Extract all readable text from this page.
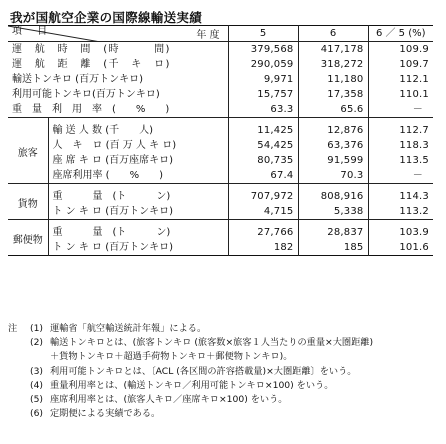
我が国航空企業の国際線輸送実績
年 度
項 目		5	6	6 ／ 5 (%)
運　航　時　間　(時　　　間)		379,568	417,178	109.9
運　航　距　離　(千　キ　ロ)		290,059	318,272	109.7
輸送トンキロ (百万トンキロ)		9,971	11,180	112.1
利用可能トンキロ(百万トンキロ)		15,757	17,358	110.1
重　量　利　用　率　(　　%　　)		63.3	65.6	－

旅客	輸 送 人 数 (千　　人)	11,425	12,876	112.7
	人　キ　ロ (百 万 人 キ ロ)	54,425	63,376	118.3
	座 席 キ ロ (百万座席キロ)	80,735	91,599	113.5
	座席利用率 (　　%　　)	67.4	70.3	－

貨物	重　　　量　(ト　　　ン)	707,972	808,916	114.3
	ト ン キ ロ (百万トンキロ)	4,715	5,338	113.2

郵便物	重　　　量　(ト　　　ン)	27,766	28,837	103.9
	ト ン キ ロ (百万トンキロ)	182	185	101.6
注	(1) 運輸省「航空輸送統計年報」による。
(2) 輸送トンキロとは、(旅客トンキロ (旅客数×旅客１人当たりの重量×大圏距離)
＋貨物トンキロ＋超過手荷物トンキロ＋郵便物トンキロ)。
(3) 利用可能トンキロとは、〔ACL (各区間の許容搭載量)×大圏距離〕をいう。
(4) 重量利用率とは、(輸送トンキロ／利用可能トンキロ×100) をいう。
(5) 座席利用率とは、(旅客人キロ／座席キロ×100) をいう。
(6) 定期便による実績である。
